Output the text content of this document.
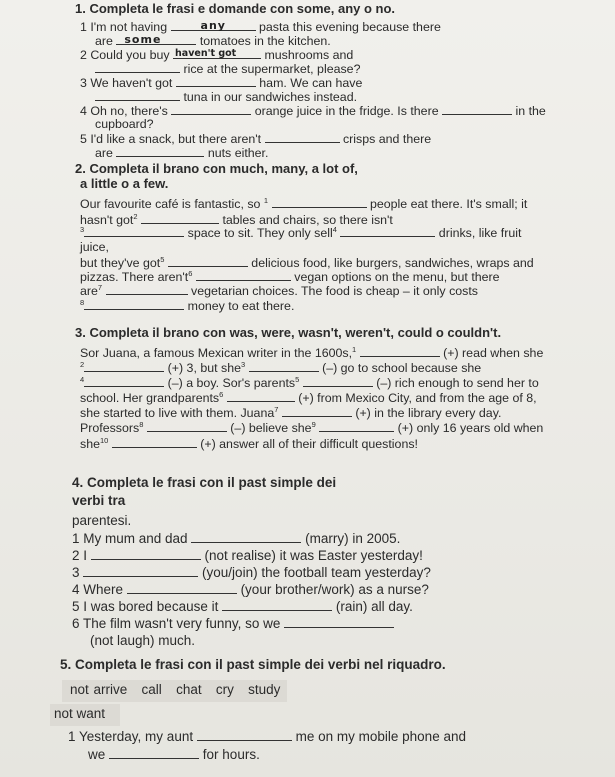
1. Completa le frasi e domande con some, any o no.
1 I'm not having	any	pasta this evening because there
are some	tomatoes in the kitchen.
2 Could you buy haven't got mushrooms and
rice at the supermarket, please?
3 We haven't got	ham. We can have
tuna in our sandwiches instead.
4 Oh no, there's	orange juice in the fridge. Is there	in the
cupboard?
5 I'd like a snack, but there aren't	crisps and there
are	nuts either.
2. Completa il brano con much, many, a lot of,
a little o a few.
Our favourite café is fantastic, so $^1$	people eat there. It's small; it
hasn't got$^2$	tables and chairs, so there isn't
$^3$	space to sit. They only sell$^4$	drinks, like fruit
juice,
but they've got$^5$	delicious food, like burgers, sandwiches, wraps and
pizzas. There $aren't^6$	vegan options on the menu, but there
are$^7$	vegetarian choices. The food is cheap – it only costs
$^8$	money to eat there.
3. Completa il brano con was, were, wasn't, weren't, could o couldn't.
Sor Juana, a famous Mexican writer in the 1600s,$^1$	(+) read when she
$^2$	(+) 3, but she$^3$	(–) go to school because she
$^4$	(–) a boy. Sor's parents$^5$	(–) rich enough to send her to
school. Her grandparents$^6$	(+) from Mexico City, and from the age of 8,
she started to live with them. Juana$^7$	(+) in the library every day.
Professors$^8$	(–) believe she$^9$	(+) only 16 years old when
she$^{10}$	(+) answer all of their difficult questions!
4. Completa le frasi con il past simple dei
verbi tra
parentesi.
1 My mum and dad	(marry) in 2005.
2 I	(not realise) it was Easter yesterday!
3	(you/join) the football team yesterday?
4 Where	(your brother/work) as a nurse?
5 I was bored because it	(rain) all day.
6 The film wasn't very funny, so we
(not laugh) much.
5. Completa le frasi con il past simple dei verbi nel riquadro.
not arrive call chat cry study
not want
1 Yesterday, my aunt	me on my mobile phone and
we	for hours.
